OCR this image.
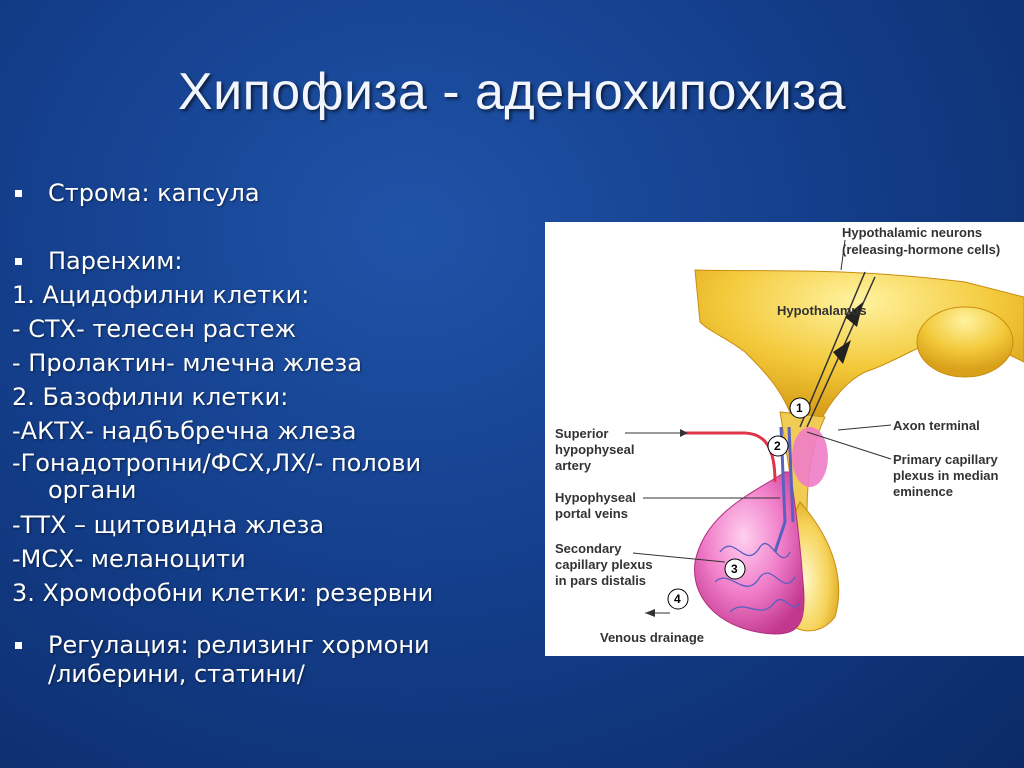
Хипофиза - аденохипохиза
Строма: капсула
Паренхим:
1. Ацидофилни клетки:
- СТХ- телесен растеж
- Пролактин- млечна жлеза
2. Базофилни клетки:
-АКТХ- надбъбречна жлеза
-Гонадотропни/ФСХ,ЛХ/- полови
органи
-ТТХ – щитовидна жлеза
-МСХ- меланоцити
3. Хромофобни клетки: резервни
Регулация: релизинг хормони
/либерини, статини/
1
2
3
4
Hypothalamic neurons
(releasing-hormone cells)
Hypothalamus
Axon terminal
Primary capillary
plexus in median
eminence
Superior
hypophyseal
artery
Hypophyseal
portal veins
Secondary
capillary plexus
in pars distalis
Venous drainage
